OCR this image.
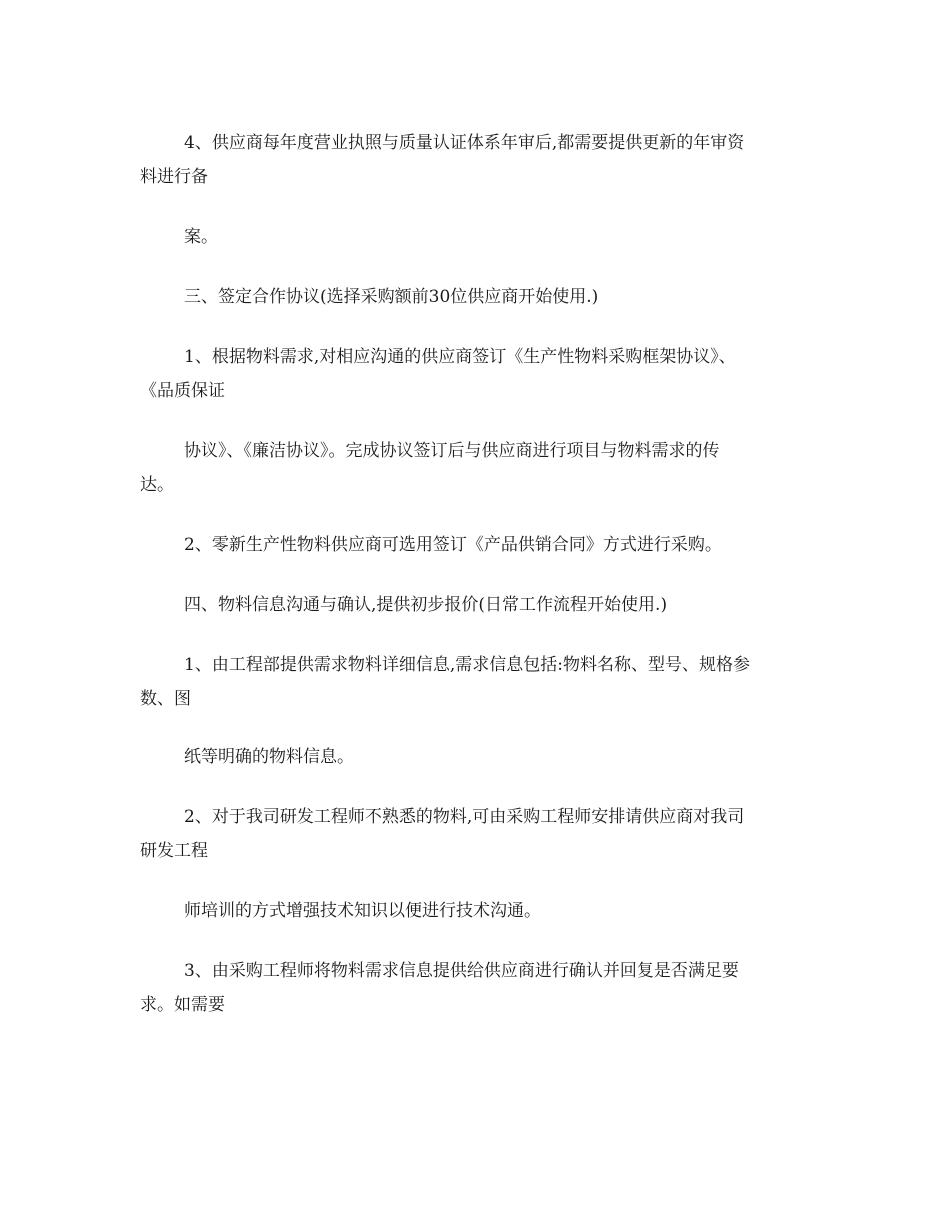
4、供应商每年度营业执照与质量认证体系年审后,都需要提供更新的年审资
料进行备
案。
三、签定合作协议(选择采购额前30位供应商开始使用.)
1、根据物料需求,对相应沟通的供应商签订《生产性物料采购框架协议》、
《品质保证
协议》、《廉洁协议》。完成协议签订后与供应商进行项目与物料需求的传
达。
2、零新生产性物料供应商可选用签订《产品供销合同》方式进行采购。
四、物料信息沟通与确认,提供初步报价(日常工作流程开始使用.)
1、由工程部提供需求物料详细信息,需求信息包括:物料名称、型号、规格参
数、图
纸等明确的物料信息。
2、对于我司研发工程师不熟悉的物料,可由采购工程师安排请供应商对我司
研发工程
师培训的方式增强技术知识以便进行技术沟通。
3、由采购工程师将物料需求信息提供给供应商进行确认并回复是否满足要
求。如需要
